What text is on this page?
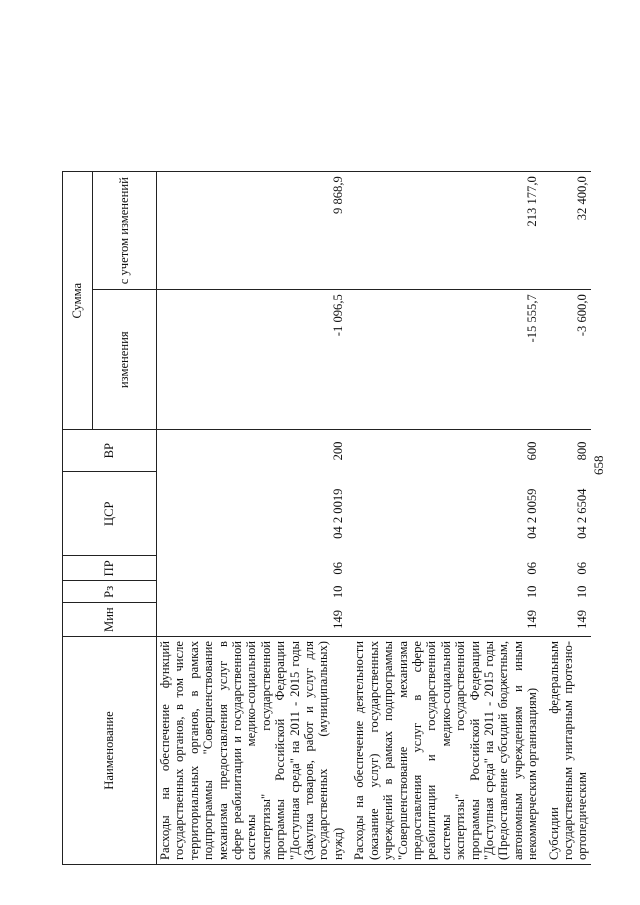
658
Наименование	Мин	Рз	ПР	ЦСР	ВР	Сумма	
						изменения	с учетом изменений
Расходы на обеспечение функций государственных органов, в том числе территориальных органов, в рамках подпрограммы "Совершенствование механизма предоставления услуг в сфере реабилитации и государственной системы медико-социальной экспертизы" государственной программы Российской Федерации "Доступная среда" на 2011 - 2015 годы (Закупка товаров, работ и услуг для государственных (муниципальных) нужд)	149	10	06	04 2 0019	200	-1 096,5	9 868,9
Расходы на обеспечение деятельности (оказание услуг) государственных учреждений в рамках подпрограммы "Совершенствование механизма предоставления услуг в сфере реабилитации и государственной системы медико-социальной экспертизы" государственной программы Российской Федерации "Доступная среда" на 2011 - 2015 годы (Предоставление субсидий бюджетным, автономным учреждениям и иным некоммерческим организациям)	149	10	06	04 2 0059	600	-15 555,7	213 177,0
Субсидии федеральным государственным унитарным протезно-ортопедическим	149	10	06	04 2 6504	800	-3 600,0	32 400,0
